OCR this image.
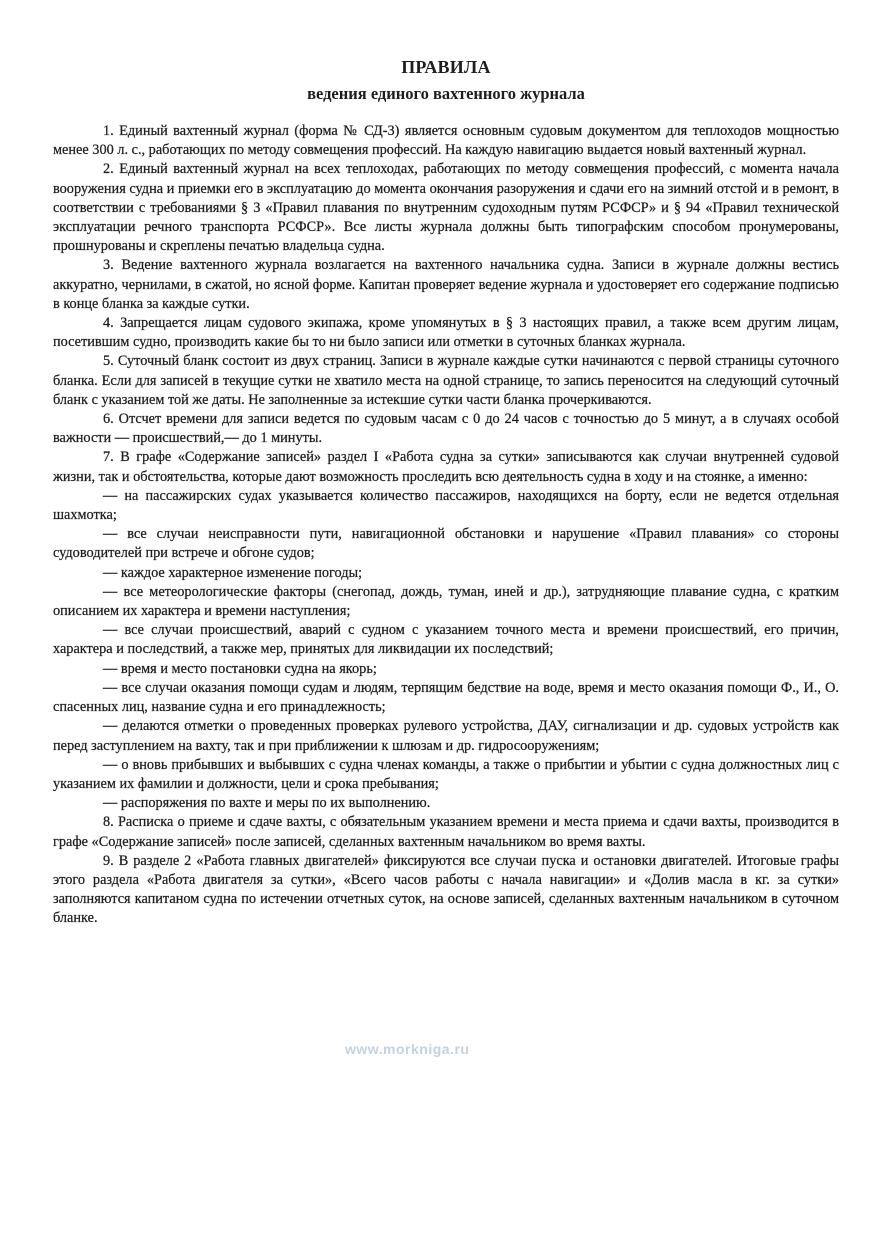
ПРАВИЛА
ведения единого вахтенного журнала

1. Единый вахтенный журнал (форма № СД-3) является основным судовым документом для теплоходов мощностью менее 300 л. с., работающих по методу совмещения профессий. На каждую навигацию выдается новый вахтенный журнал.

2. Единый вахтенный журнал на всех теплоходах, работающих по методу совмещения профессий, с момента начала вооружения судна и приемки его в эксплуатацию до момента окончания разоружения и сдачи его на зимний отстой и в ремонт, в соответствии с требованиями § 3 «Правил плавания по внутренним судоходным путям РСФСР» и § 94 «Правил технической эксплуатации речного транспорта РСФСР». Все листы журнала должны быть типографским способом пронумерованы, прошнурованы и скреплены печатью владельца судна.

3. Ведение вахтенного журнала возлагается на вахтенного начальника судна. Записи в журнале должны вестись аккуратно, чернилами, в сжатой, но ясной форме. Капитан проверяет ведение журнала и удостоверяет его содержание подписью в конце бланка за каждые сутки.

4. Запрещается лицам судового экипажа, кроме упомянутых в § 3 настоящих правил, а также всем другим лицам, посетившим судно, производить какие бы то ни было записи или отметки в суточных бланках журнала.

5. Суточный бланк состоит из двух страниц. Записи в журнале каждые сутки начинаются с первой страницы суточного бланка. Если для записей в текущие сутки не хватило места на одной странице, то запись переносится на следующий суточный бланк с указанием той же даты. Не заполненные за истекшие сутки части бланка прочеркиваются.

6. Отсчет времени для записи ведется по судовым часам с 0 до 24 часов с точностью до 5 минут, а в случаях особой важности — происшествий,— до 1 минуты.

7. В графе «Содержание записей» раздел I «Работа судна за сутки» записываются как случаи внутренней судовой жизни, так и обстоятельства, которые дают возможность проследить всю деятельность судна в ходу и на стоянке, а именно:

— на пассажирских судах указывается количество пассажиров, находящихся на борту, если не ведется отдельная шахмотка;

— все случаи неисправности пути, навигационной обстановки и нарушение «Правил плавания» со стороны судоводителей при встрече и обгоне судов;

— каждое характерное изменение погоды;

— все метеорологические факторы (снегопад, дождь, туман, иней и др.), затрудняющие плавание судна, с кратким описанием их характера и времени наступления;

— все случаи происшествий, аварий с судном с указанием точного места и времени происшествий, его причин, характера и последствий, а также мер, принятых для ликвидации их последствий;

— время и место постановки судна на якорь;

— все случаи оказания помощи судам и людям, терпящим бедствие на воде, время и место оказания помощи Ф., И., О. спасенных лиц, название судна и его принадлежность;

— делаются отметки о проведенных проверках рулевого устройства, ДАУ, сигнализации и др. судовых устройств как перед заступлением на вахту, так и при приближении к шлюзам и др. гидросооружениям;

— о вновь прибывших и выбывших с судна членах команды, а также о прибытии и убытии с судна должностных лиц с указанием их фамилии и должности, цели и срока пребывания;

— распоряжения по вахте и меры по их выполнению.

8. Расписка о приеме и сдаче вахты, с обязательным указанием времени и места приема и сдачи вахты, производится в графе «Содержание записей» после записей, сделанных вахтенным начальником во время вахты.

9. В разделе 2 «Работа главных двигателей» фиксируются все случаи пуска и остановки двигателей. Итоговые графы этого раздела «Работа двигателя за сутки», «Всего часов работы с начала навигации» и «Долив масла в кг. за сутки» заполняются капитаном судна по истечении отчетных суток, на основе записей, сделанных вахтенным начальником в суточном бланке.

www.morkniga.ru
